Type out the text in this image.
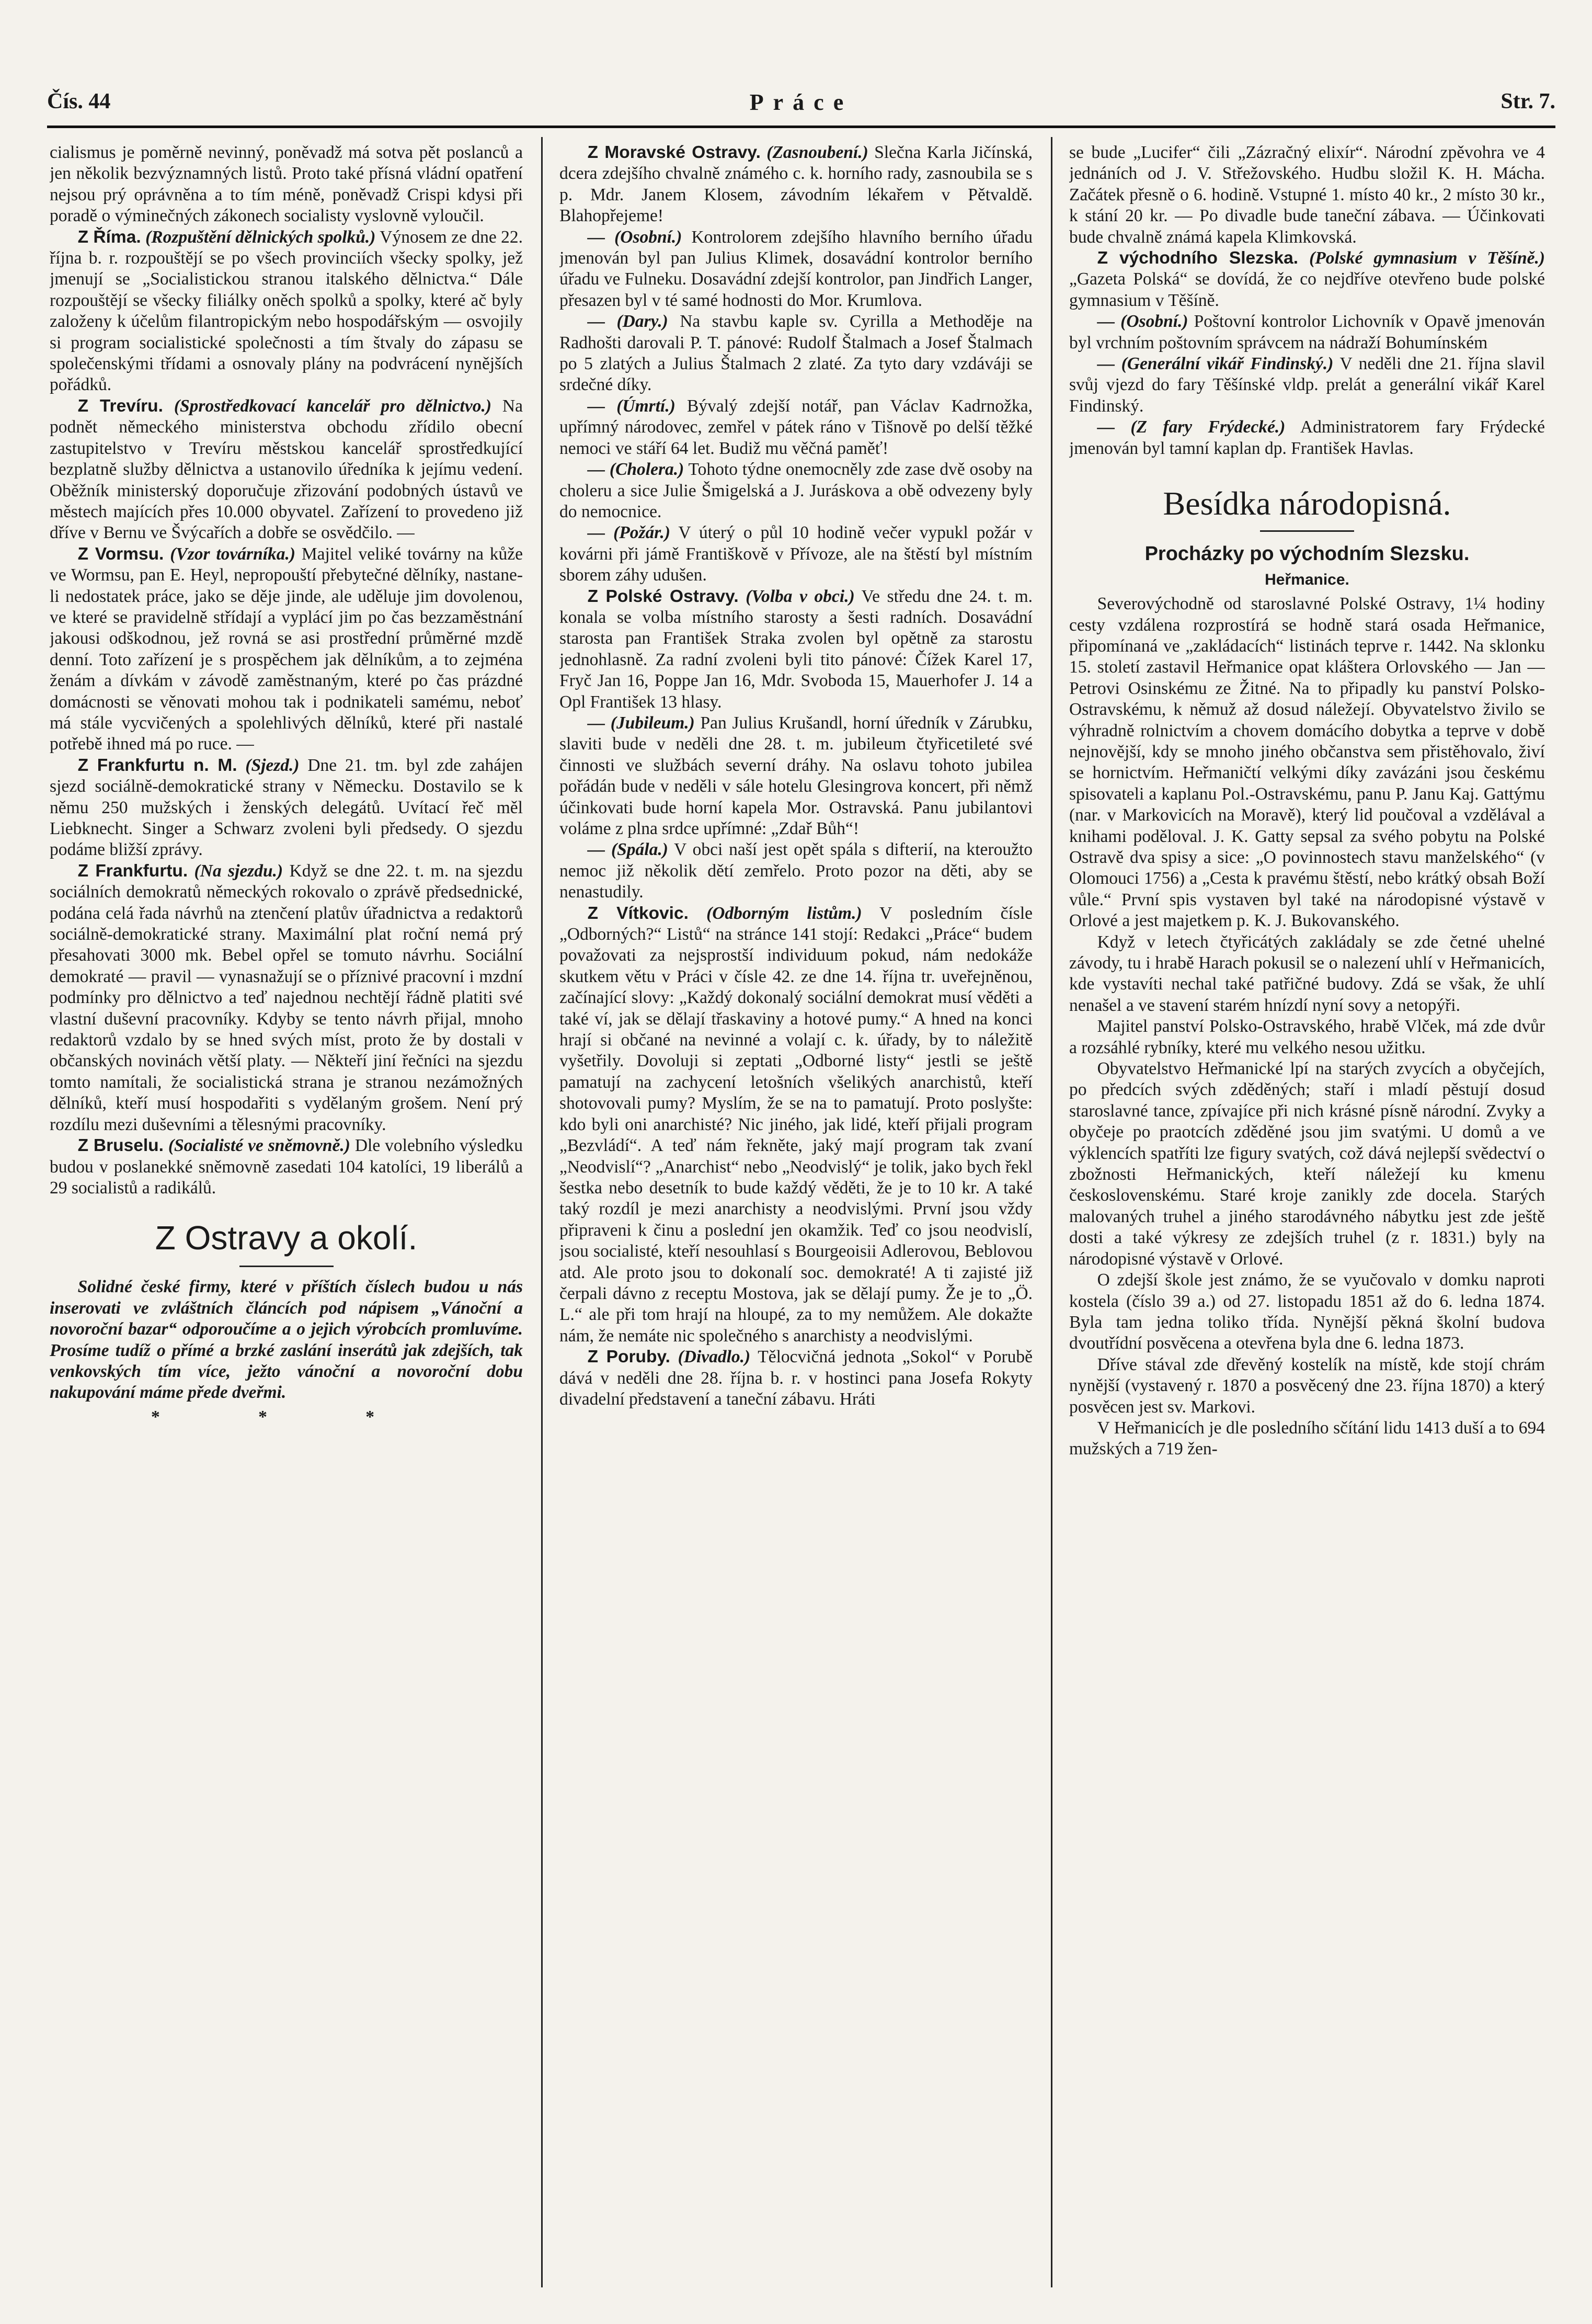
Čís. 44	Práce	Str. 7.

cialismus je poměrně nevinný, poněvadž má sotva pět poslanců a jen několik bezvýznamných listů. Proto také přísná vládní opatření nejsou prý oprávněna a to tím méně, poněvadž Crispi kdysi při poradě o výminečných zákonech socialisty vyslovně vyloučil.

Z Říma. (Rozpuštění dělnických spolků.) Výnosem ze dne 22. října b. r. rozpouštějí se po všech provinciích všecky spolky, jež jmenují se „Socialistickou stranou italského dělnictva.“ Dále rozpouštějí se všecky filiálky oněch spolků a spolky, které ač byly založeny k účelům filantropickým nebo hospodářským — osvojily si program socialistické společnosti a tím štvaly do zápasu se společenskými třídami a osnovaly plány na podvrácení nynějších pořádků.

Z Trevíru. (Sprostředkovací kancelář pro dělnictvo.) Na podnět německého ministerstva obchodu zřídilo obecní zastupitelstvo v Trevíru městskou kancelář sprostředkující bezplatně služby dělnictva a ustanovilo úředníka k jejímu vedení. Oběžník ministerský doporučuje zřizování podobných ústavů ve městech majících přes 10.000 obyvatel. Zařízení to provedeno již dříve v Bernu ve Švýcařích a dobře se osvědčilo. —

Z Vormsu. (Vzor továrníka.) Majitel veliké továrny na kůže ve Wormsu, pan E. Heyl, nepropouští přebytečné dělníky, nastane-li nedostatek práce, jako se děje jinde, ale uděluje jim dovolenou, ve které se pravidelně střídají a vyplácí jim po čas bezzaměstnání jakousi odškodnou, jež rovná se asi prostřední průměrné mzdě denní. Toto zařízení je s prospěchem jak dělníkům, a to zejména ženám a dívkám v závodě zaměstnaným, které po čas prázdné domácnosti se věnovati mohou tak i podnikateli samému, neboť má stále vycvičených a spolehlivých dělníků, které při nastalé potřebě ihned má po ruce. —

Z Frankfurtu n. M. (Sjezd.) Dne 21. tm. byl zde zahájen sjezd sociálně-demokratické strany v Německu. Dostavilo se k němu 250 mužských i ženských delegátů. Uvítací řeč měl Liebknecht. Singer a Schwarz zvoleni byli předsedy. O sjezdu podáme bližší zprávy.

Z Frankfurtu. (Na sjezdu.) Když se dne 22. t. m. na sjezdu sociálních demokratů německých rokovalo o zprávě předsednické, podána celá řada návrhů na ztenčení platův úřadnictva a redaktorů sociálně-demokratické strany. Maximální plat roční nemá prý přesahovati 3000 mk. Bebel opřel se tomuto návrhu. Sociální demokraté — pravil — vynasnažují se o příznivé pracovní i mzdní podmínky pro dělnictvo a teď najednou nechtějí řádně platiti své vlastní duševní pracovníky. Kdyby se tento návrh přijal, mnoho redaktorů vzdalo by se hned svých míst, proto že by dostali v občanských novinách větší platy. — Někteří jiní řečníci na sjezdu tomto namítali, že socialistická strana je stranou nezámožných dělníků, kteří musí hospodařiti s vydělaným grošem. Není prý rozdílu mezi duševními a tělesnými pracovníky.

Z Bruselu. (Socialisté ve sněmovně.) Dle volebního výsledku budou v poslanekké sněmovně zasedati 104 katolíci, 19 liberálů a 29 socialistů a radikálů.

Z Ostravy a okolí.

Solidné české firmy, které v příštích číslech budou u nás inserovati ve zvláštních článcích pod nápisem „Vánoční a novoroční bazar“ odporoučíme a o jejich výrobcích promluvíme. Prosíme tudíž o přímé a brzké zaslání inserátů jak zdejších, tak venkovských tím více, ježto vánoční a novoroční dobu nakupování máme přede dveřmi.

* * *

Z Moravské Ostravy. (Zasnoubení.) Slečna Karla Jičínská, dcera zdejšího chvalně známého c. k. horního rady, zasnoubila se s p. Mdr. Janem Klosem, závodním lékařem v Pětvaldě. Blahopřejeme!

— (Osobní.) Kontrolorem zdejšího hlavního berního úřadu jmenován byl pan Julius Klimek, dosavádní kontrolor berního úřadu ve Fulneku. Dosavádní zdejší kontrolor, pan Jindřich Langer, přesazen byl v té samé hodnosti do Mor. Krumlova.

— (Dary.) Na stavbu kaple sv. Cyrilla a Methoděje na Radhošti darovali P. T. pánové: Rudolf Štalmach a Josef Štalmach po 5 zlatých a Julius Štalmach 2 zlaté. Za tyto dary vzdáváji se srdečné díky.

— (Úmrtí.) Bývalý zdejší notář, pan Václav Kadrnožka, upřímný národovec, zemřel v pátek ráno v Tišnově po delší těžké nemoci ve stáří 64 let. Budiž mu věčná paměť!

— (Cholera.) Tohoto týdne onemocněly zde zase dvě osoby na choleru a sice Julie Šmigelská a J. Juráskova a obě odvezeny byly do nemocnice.

— (Požár.) V úterý o půl 10 hodině večer vypukl požár v kovárni při jámě Františkově v Přívoze, ale na štěstí byl místním sborem záhy udušen.

Z Polské Ostravy. (Volba v obci.) Ve středu dne 24. t. m. konala se volba místního starosty a šesti radních. Dosavádní starosta pan František Straka zvolen byl opětně za starostu jednohlasně. Za radní zvoleni byli tito pánové: Čížek Karel 17, Fryč Jan 16, Poppe Jan 16, Mdr. Svoboda 15, Mauerhofer J. 14 a Opl František 13 hlasy.

— (Jubileum.) Pan Julius Krušandl, horní úředník v Zárubku, slaviti bude v neděli dne 28. t. m. jubileum čtyřicetileté své činnosti ve službách severní dráhy. Na oslavu tohoto jubilea pořádán bude v neděli v sále hotelu Glesingrova koncert, při němž účinkovati bude horní kapela Mor. Ostravská. Panu jubilantovi voláme z plna srdce upřímné: „Zdař Bůh“!

— (Spála.) V obci naší jest opět spála s difterií, na kteroužto nemoc již několik dětí zemřelo. Proto pozor na děti, aby se nenastudily.

Z Vítkovic. (Odborným listům.) V posledním čísle „Odborných?“ Listů“ na stránce 141 stojí: Redakci „Práce“ budem považovati za nejsprostší individuum pokud, nám nedokáže skutkem větu v Práci v čísle 42. ze dne 14. října tr. uveřejněnou, začínající slovy: „Každý dokonalý sociální demokrat musí věděti a také ví, jak se dělají třaskaviny a hotové pumy.“ A hned na konci hrají si občané na nevinné a volají c. k. úřady, by to náležitě vyšetřily. Dovoluji si zeptati „Odborné listy“ jestli se ještě pamatují na zachycení letošních všelikých anarchistů, kteří shotovovali pumy? Myslím, že se na to pamatují. Proto poslyšte: kdo byli oni anarchisté? Nic jiného, jak lidé, kteří přijali program „Bezvládí“. A teď nám řekněte, jaký mají program tak zvaní „Neodvislí“? „Anarchist“ nebo „Neodvislý“ je tolik, jako bych řekl šestka nebo desetník to bude každý věděti, že je to 10 kr. A také taký rozdíl je mezi anarchisty a neodvislými. První jsou vždy připraveni k činu a poslední jen okamžik. Teď co jsou neodvislí, jsou socialisté, kteří nesouhlasí s Bourgeoisii Adlerovou, Beblovou atd. Ale proto jsou to dokonalí soc. demokraté! A ti zajisté již čerpali dávno z receptu Mostova, jak se dělají pumy. Že je to „Ö. L.“ ale při tom hrají na hloupé, za to my nemůžem. Ale dokažte nám, že nemáte nic společného s anarchisty a neodvislými.

Z Poruby. (Divadlo.) Tělocvičná jednota „Sokol“ v Porubě dává v neděli dne 28. října b. r. v hostinci pana Josefa Rokyty divadelní představení a taneční zábavu. Hráti

se bude „Lucifer“ čili „Zázračný elixír“. Národní zpěvohra ve 4 jednáních od J. V. Střežovského. Hudbu složil K. H. Mácha. Začátek přesně o 6. hodině. Vstupné 1. místo 40 kr., 2 místo 30 kr., k stání 20 kr. — Po divadle bude taneční zábava. — Účinkovati bude chvalně známá kapela Klimkovská.

Z východního Slezska. (Polské gymnasium v Těšíně.) „Gazeta Polská“ se dovídá, že co nejdříve otevřeno bude polské gymnasium v Těšíně.

— (Osobní.) Poštovní kontrolor Lichovník v Opavě jmenován byl vrchním poštovním správcem na nádraží Bohumínském

— (Generální vikář Findinský.) V neděli dne 21. října slavil svůj vjezd do fary Těšínské vldp. prelát a generální vikář Karel Findinský.

— (Z fary Frýdecké.) Administratorem fary Frýdecké jmenován byl tamní kaplan dp. František Havlas.

Besídka národopisná.
Procházky po východním Slezsku.
Heřmanice.

Severovýchodně od staroslavné Polské Ostravy, 1¼ hodiny cesty vzdálena rozprostírá se hodně stará osada Heřmanice, připomínaná ve „zakládacích“ listinách teprve r. 1442. Na sklonku 15. století zastavil Heřmanice opat kláštera Orlovského — Jan — Petrovi Osinskému ze Žitné. Na to připadly ku panství Polsko-Ostravskému, k němuž až dosud náležejí. Obyvatelstvo živilo se výhradně rolnictvím a chovem domácího dobytka a teprve v době nejnovější, kdy se mnoho jiného občanstva sem přistěhovalo, živí se hornictvím. Heřmaničtí velkými díky zavázáni jsou českému spisovateli a kaplanu Pol.-Ostravskému, panu P. Janu Kaj. Gattýmu (nar. v Markovicích na Moravě), který lid poučoval a vzdělával a knihami poděloval. J. K. Gatty sepsal za svého pobytu na Polské Ostravě dva spisy a sice: „O povinnostech stavu manželského“ (v Olomouci 1756) a „Cesta k pravému štěstí, nebo krátký obsah Boží vůle.“ První spis vystaven byl také na národopisné výstavě v Orlové a jest majetkem p. K. J. Bukovanského.

Když v letech čtyřicátých zakládaly se zde četné uhelné závody, tu i hrabě Harach pokusil se o nalezení uhlí v Heřmanicích, kde vystavíti nechal také patřičné budovy. Zdá se však, že uhlí nenašel a ve stavení starém hnízdí nyní sovy a netopýři.

Majitel panství Polsko-Ostravského, hrabě Vlček, má zde dvůr a rozsáhlé rybníky, které mu velkého nesou užitku.

Obyvatelstvo Heřmanické lpí na starých zvycích a obyčejích, po předcích svých zděděných; staří i mladí pěstují dosud staroslavné tance, zpívajíce při nich krásné písně národní. Zvyky a obyčeje po praotcích zděděné jsou jim svatými. U domů a ve výklencích spatříti lze figury svatých, což dává nejlepší svědectví o zbožnosti Heřmanických, kteří náležejí ku kmenu československému. Staré kroje zanikly zde docela. Starých malovaných truhel a jiného starodávného nábytku jest zde ještě dosti a také výkresy ze zdejších truhel (z r. 1831.) byly na národopisné výstavě v Orlové.

O zdejší škole jest známo, že se vyučovalo v domku naproti kostela (číslo 39 a.) od 27. listopadu 1851 až do 6. ledna 1874. Byla tam jedna toliko třída. Nynější pěkná školní budova dvoutřídní posvěcena a otevřena byla dne 6. ledna 1873.

Dříve stával zde dřevěný kostelík na místě, kde stojí chrám nynější (vystavený r. 1870 a posvěcený dne 23. října 1870) a který posvěcen jest sv. Markovi.

V Heřmanicích je dle posledního sčítání lidu 1413 duší a to 694 mužských a 719 žen-
